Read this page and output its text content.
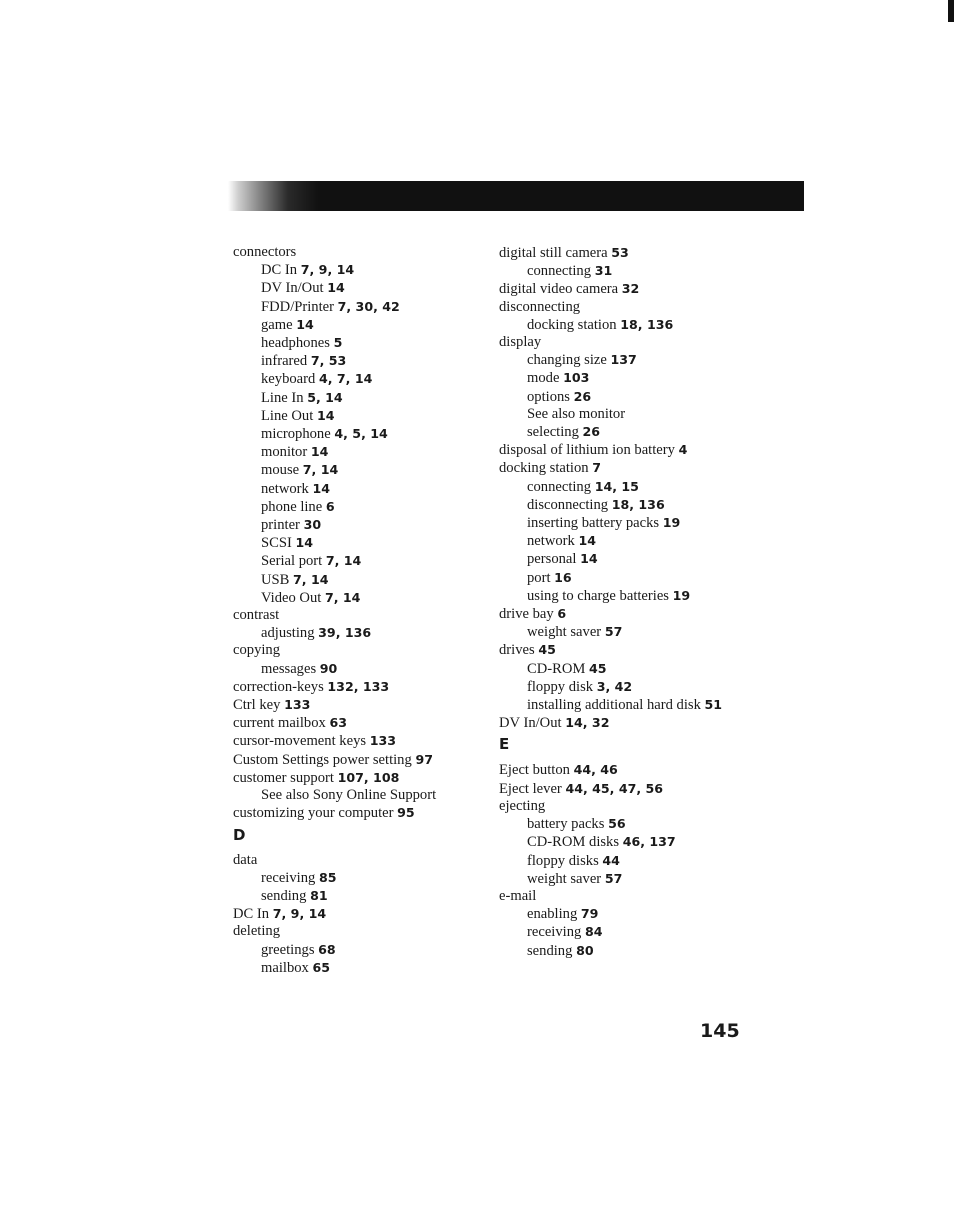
connectors
DC In 7, 9, 14
DV In/Out 14
FDD/Printer 7, 30, 42
game 14
headphones 5
infrared 7, 53
keyboard 4, 7, 14
Line In 5, 14
Line Out 14
microphone 4, 5, 14
monitor 14
mouse 7, 14
network 14
phone line 6
printer 30
SCSI 14
Serial port 7, 14
USB 7, 14
Video Out 7, 14
contrast
adjusting 39, 136
copying
messages 90
correction-keys 132, 133
Ctrl key 133
current mailbox 63
cursor-movement keys 133
Custom Settings power setting 97
customer support 107, 108
See also Sony Online Support
customizing your computer 95
D
data
receiving 85
sending 81
DC In 7, 9, 14
deleting
greetings 68
mailbox 65
digital still camera 53
connecting 31
digital video camera 32
disconnecting
docking station 18, 136
display
changing size 137
mode 103
options 26
See also monitor
selecting 26
disposal of lithium ion battery 4
docking station 7
connecting 14, 15
disconnecting 18, 136
inserting battery packs 19
network 14
personal 14
port 16
using to charge batteries 19
drive bay 6
weight saver 57
drives 45
CD-ROM 45
floppy disk 3, 42
installing additional hard disk 51
DV In/Out 14, 32
E
Eject button 44, 46
Eject lever 44, 45, 47, 56
ejecting
battery packs 56
CD-ROM disks 46, 137
floppy disks 44
weight saver 57
e-mail
enabling 79
receiving 84
sending 80
145
